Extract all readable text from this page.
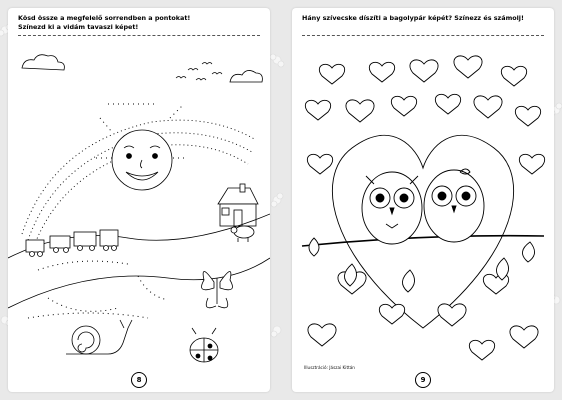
Kösd össze a megfelelő sorrendben a pontokat!
Színezd ki a vidám tavaszi képet!
8
Hány szívecske díszíti a bagolypár képét? Színezz és számolj!
Illusztráció: Jászai Kittán
9
